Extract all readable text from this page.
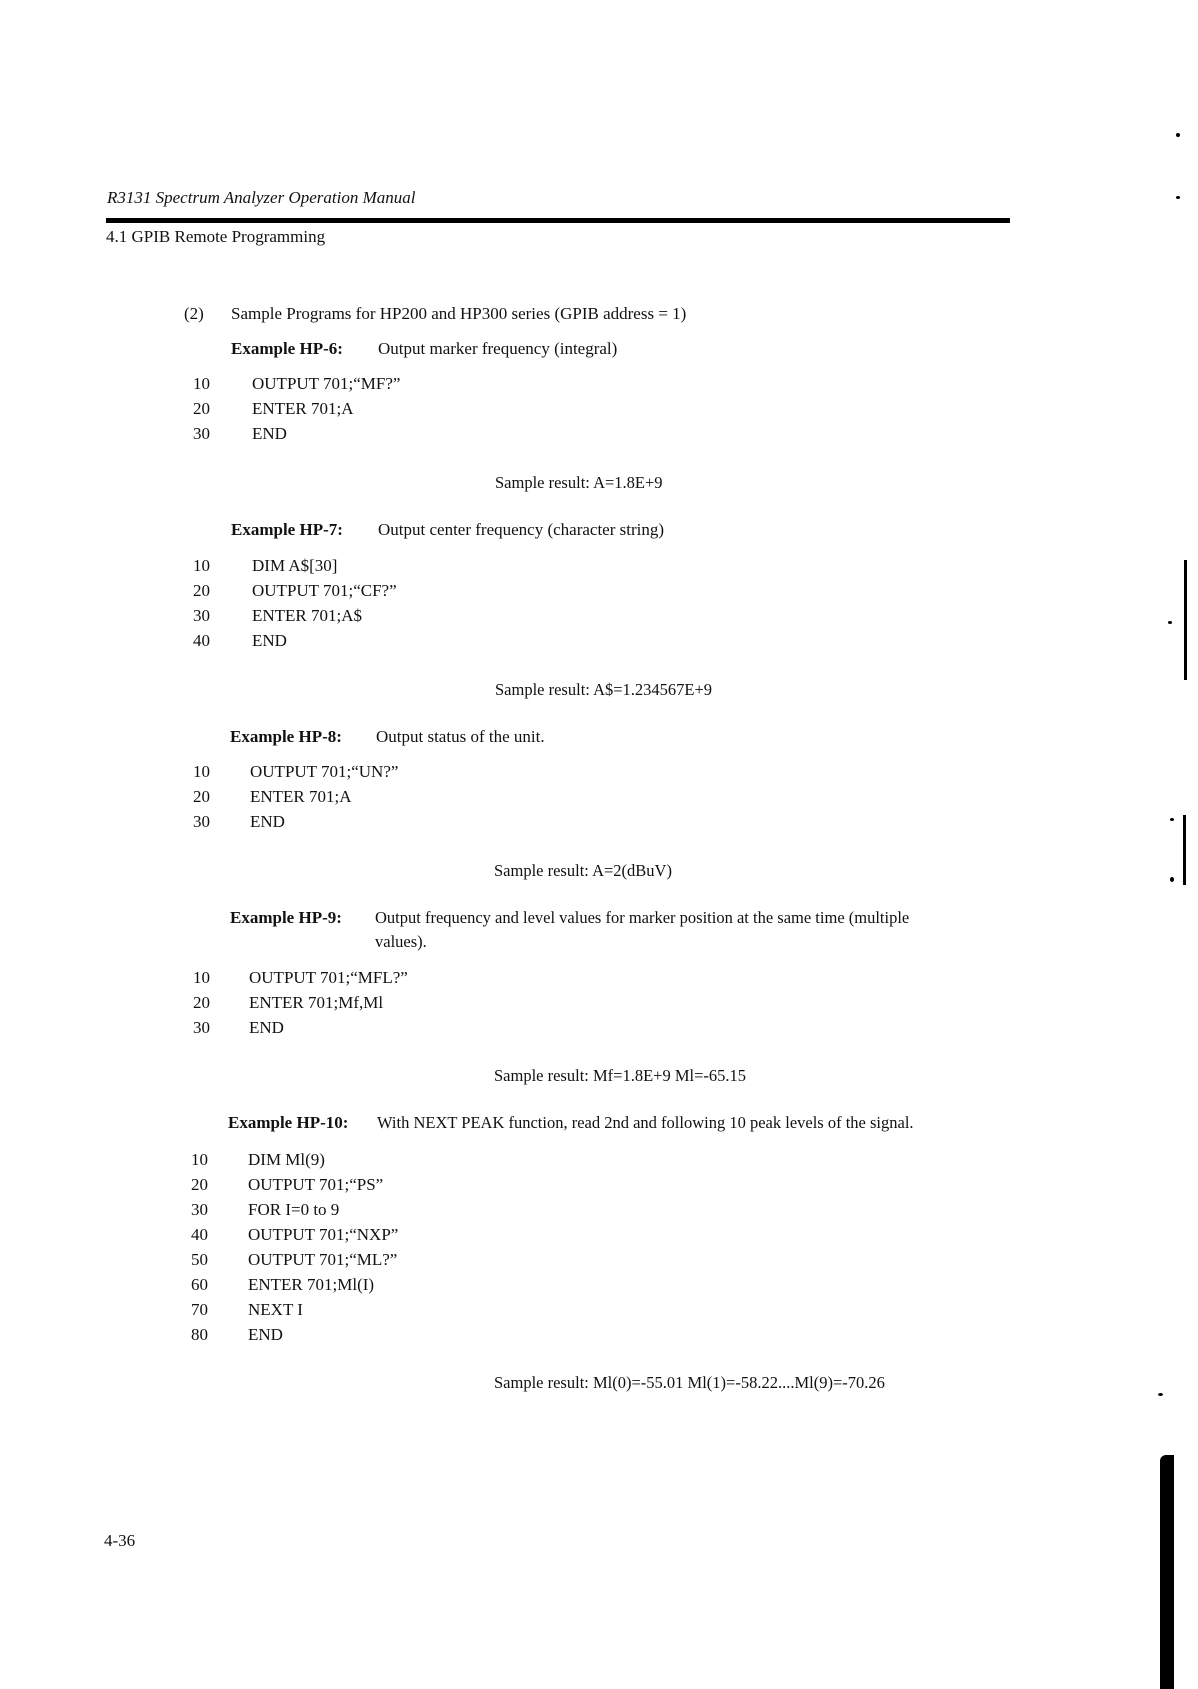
R3131 Spectrum Analyzer Operation Manual
4.1 GPIB Remote Programming
(2) Sample Programs for HP200 and HP300 series (GPIB address = 1)
Example HP-6: Output marker frequency (integral)
10	OUTPUT 701;“MF?”
20	ENTER 701;A
30	END
Sample result: A=1.8E+9
Example HP-7: Output center frequency (character string)
10	DIM A$[30]
20	OUTPUT 701;“CF?”
30	ENTER 701;A$
40	END
Sample result: A$=1.234567E+9
Example HP-8: Output status of the unit.
10	OUTPUT 701;“UN?”
20	ENTER 701;A
30	END
Sample result: A=2(dBuV)
Example HP-9: Output frequency and level values for marker position at the same time (multiple
values).
10	OUTPUT 701;“MFL?”
20	ENTER 701;Mf,Ml
30	END
Sample result: Mf=1.8E+9 Ml=-65.15
Example HP-10: With NEXT PEAK function, read 2nd and following 10 peak levels of the signal.
10	DIM Ml(9)
20	OUTPUT 701;“PS”
30	FOR I=0 to 9
40	OUTPUT 701;“NXP”
50	OUTPUT 701;“ML?”
60	ENTER 701;Ml(I)
70	NEXT I
80	END
Sample result: Ml(0)=-55.01 Ml(1)=-58.22....Ml(9)=-70.26
4-36
